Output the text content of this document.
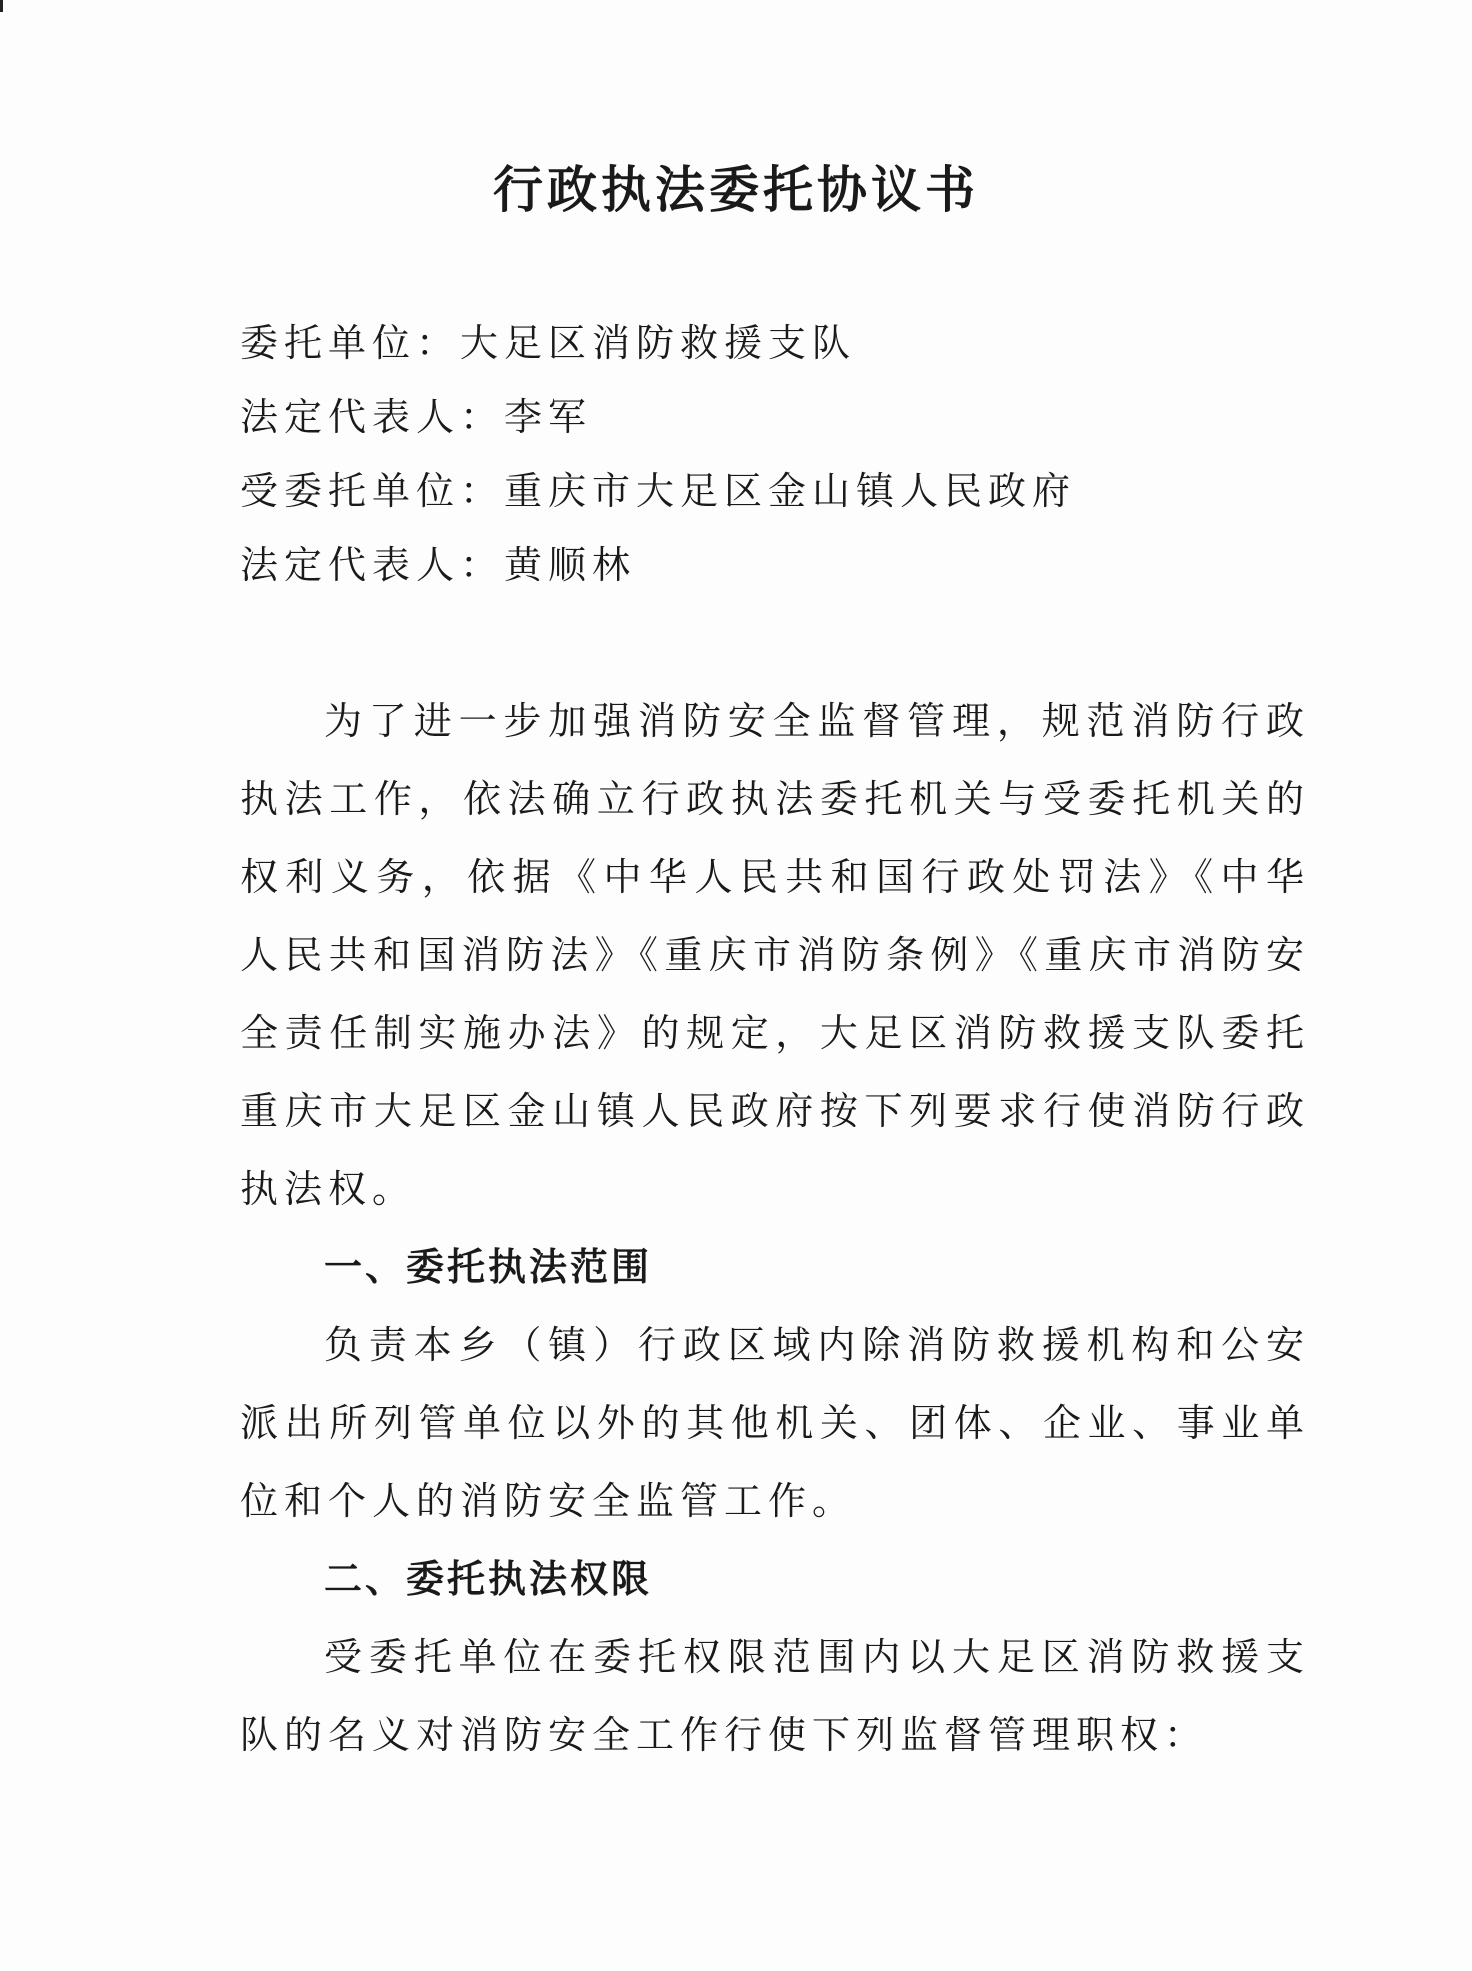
行政执法委托协议书
委托单位：大足区消防救援支队
法定代表人：李军
受委托单位：重庆市大足区金山镇人民政府
法定代表人：黄顺林

为了进一步加强消防安全监督管理，规范消防行政执法工作，依法确立行政执法委托机关与受委托机关的权利义务，依据《中华人民共和国行政处罚法》《中华人民共和国消防法》《重庆市消防条例》《重庆市消防安全责任制实施办法》的规定，大足区消防救援支队委托重庆市大足区金山镇人民政府按下列要求行使消防行政执法权。

一、委托执法范围

负责本乡（镇）行政区域内除消防救援机构和公安派出所列管单位以外的其他机关、团体、企业、事业单位和个人的消防安全监管工作。

二、委托执法权限

受委托单位在委托权限范围内以大足区消防救援支队的名义对消防安全工作行使下列监督管理职权：
